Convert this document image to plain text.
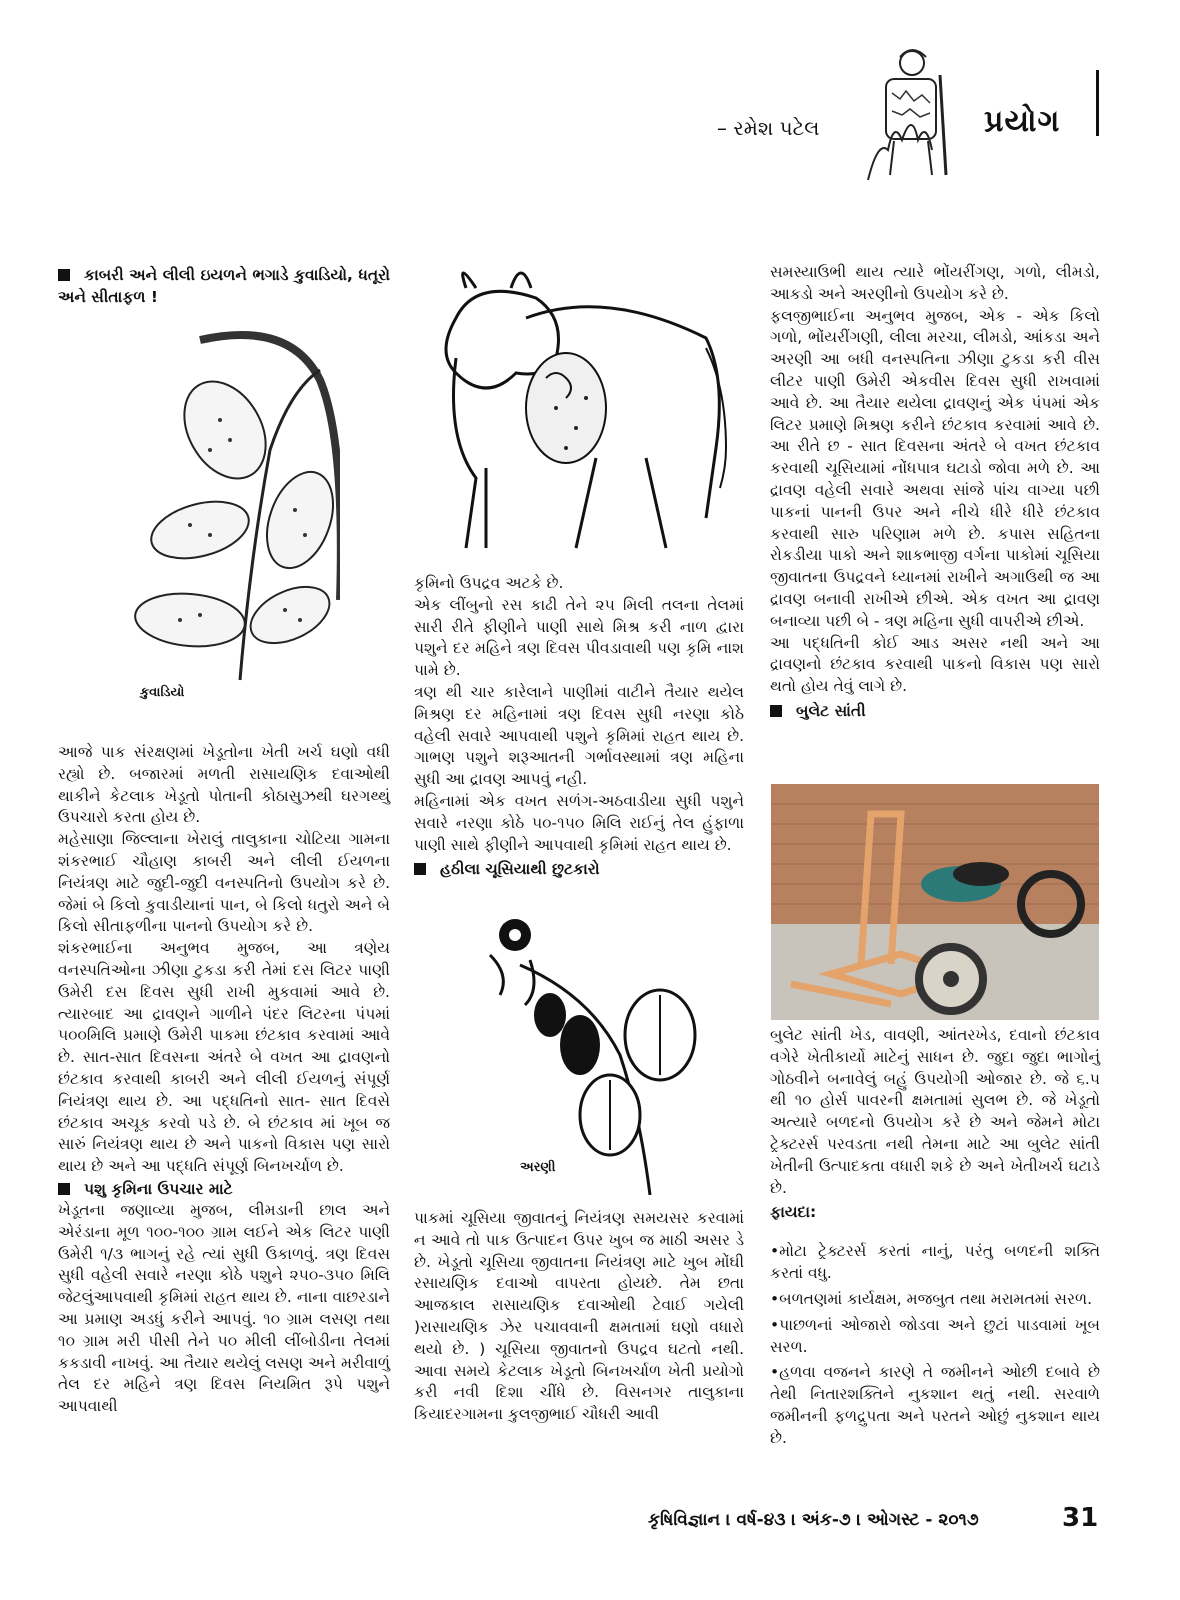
– રમેશ પટેલ	પ્રયોગ
કાબરી અને લીલી ઇયળને ભગાડે કુવાડિયો, ધતૂરો અને સીતાફળ !
કુવાડિયો

આજે પાક સંરક્ષણમાં ખેડૂતોના ખેતી ખર્ચ ઘણો વધી રહ્યો છે. બજારમાં મળતી રાસાયણિક દવાઓથી થાકીને કેટલાક ખેડૂતો પોતાની કોઠાસુઝથી ઘરગથ્થું ઉપચારો કરતા હોય છે.

મહેસાણા જિલ્લાના ખેરાલું તાલુકાના ચોટિયા ગામના શંકરભાઈ ચૌહાણ કાબરી અને લીલી ઈયળના નિયંત્રણ માટે જુદી-જુદી વનસ્પતિનો ઉપયોગ કરે છે. જેમાં બે કિલો કુવાડીયાનાં પાન, બે કિલો ધતુરો અને બે કિલો સીતાફળીના પાનનો ઉપયોગ કરે છે.

શંકરભાઈના અનુભવ મુજબ, આ ત્રણેય વનસ્પતિઓના ઝીણા ટુકડા કરી તેમાં દસ લિટર પાણી ઉમેરી દસ દિવસ સુધી રાખી મુકવામાં આવે છે. ત્યારબાદ આ દ્રાવણને ગાળીને પંદર લિટરના પંપમાં ૫૦૦મિલિ પ્રમાણે ઉમેરી પાકમા છંટકાવ કરવામાં આવે છે. સાત-સાત દિવસના અંતરે બે વખત આ દ્રાવણનો છંટકાવ કરવાથી કાબરી અને લીલી ઈયળનું સંપૂર્ણ નિયંત્રણ થાય છે. આ પદ્ધતિનો સાત- સાત દિવસે છંટકાવ અચૂક કરવો પડે છે. બે છંટકાવ માં ખૂબ જ સારું નિયંત્રણ થાય છે અને પાકનો વિકાસ પણ સારો થાય છે અને આ પદ્ધતિ સંપૂર્ણ બિનખર્ચાળ છે.

પશુ કૃમિના ઉપચાર માટે

ખેડૂતના જણાવ્યા મુજબ, લીમડાની છાલ અને એરંડાના મૂળ ૧૦૦-૧૦૦ ગ્રામ લઈને એક લિટર પાણી ઉમેરી ૧/૩ ભાગનું રહે ત્યાં સુધી ઉકાળવું. ત્રણ દિવસ સુધી વહેલી સવારે નરણા કોઠે પશુને ૨૫૦-૩૫૦ મિલિ જેટલુંઆપવાથી કૃમિમાં રાહત થાય છે. નાના વાછરડાને આ પ્રમાણ અડધું કરીને આપવું. ૧૦ ગ્રામ લસણ તથા ૧૦ ગ્રામ મરી પીસી તેને ૫૦ મીલી લીંબોડીના તેલમાં કકડાવી નાખવું. આ તૈયાર થયેલું લસણ અને મરીવાળું તેલ દર મહિને ત્રણ દિવસ નિયમિત રૂપે પશુને આપવાથી

કૃમિનો ઉપદ્રવ અટકે છે.

એક લીંબુનો રસ કાઢી તેને ૨૫ મિલી તલના તેલમાં સારી રીતે ફીણીને પાણી સાથે મિશ્ર કરી નાળ દ્વારા પશુને દર મહિને ત્રણ દિવસ પીવડાવાથી પણ કૃમિ નાશ પામે છે.

ત્રણ થી ચાર કારેલાને પાણીમાં વાટીને તૈયાર થયેલ મિશ્રણ દર મહિનામાં ત્રણ દિવસ સુધી નરણા કોઠે વહેલી સવારે આપવાથી પશુને કૃમિમાં રાહત થાય છે. ગાભણ પશુને શરૂઆતની ગર્ભાવસ્થામાં ત્રણ મહિના સુધી આ દ્રાવણ આપવું નહી.

મહિનામાં એક વખત સળંગ-અઠવાડીયા સુધી પશુને સવારે નરણા કોઠે ૫૦-૧૫૦ મિલિ રાઈનું તેલ હુંફાળા પાણી સાથે ફીણીને આપવાથી કૃમિમાં રાહત થાય છે.

હઠીલા ચૂસિયાથી છુટકારો
અરણી

પાકમાં ચૂસિયા જીવાતનું નિયંત્રણ સમયસર કરવામાં ન આવે તો પાક ઉત્પાદન ઉપર ખુબ જ માઠી અસર ડે છે. ખેડૂતો ચૂસિયા જીવાતના નિયંત્રણ માટે ખુબ મોંઘી રસાયણિક દવાઓ વાપરતા હોયછે. તેમ છતા આજકાલ રાસાયણિક દવાઓથી ટેવાઈ ગયેલી )રાસાયણિક ઝેર પચાવવાની ક્ષમતામાં ઘણો વધારો થયો છે. ) ચૂસિયા જીવાતનો ઉપદ્રવ ઘટતો નથી. આવા સમયે કેટલાક ખેડૂતો બિનખર્ચાળ ખેતી પ્રયોગો કરી નવી દિશા ચીંધે છે. વિસનગર તાલુકાના કિયાદરગામના કુલજીભાઈ ચૌધરી આવી

સમસ્યાઉભી થાય ત્યારે ભોંયરીંગણ, ગળો, લીમડો, આકડો અને અરણીનો ઉપયોગ કરે છે.

ફલજીભાઈના અનુભવ મુજબ, એક - એક કિલો ગળો, ભોંયરીંગણી, લીલા મરચા, લીમડો, આંકડા અને અરણી આ બધી વનસ્પતિના ઝીણા ટુકડા કરી વીસ લીટર પાણી ઉમેરી એકવીસ દિવસ સુધી રાખવામાં આવે છે. આ તૈયાર થયેલા દ્રાવણનું એક પંપમાં એક લિટર પ્રમાણે મિશ્રણ કરીને છંટકાવ કરવામાં આવે છે. આ રીતે છ - સાત દિવસના અંતરે બે વખત છંટકાવ કરવાથી ચૂસિયામાં નોંધપાત્ર ઘટાડો જોવા મળે છે. આ દ્રાવણ વહેલી સવારે અથવા સાંજે પાંચ વાગ્યા પછી પાકનાં પાનની ઉપર અને નીચે ધીરે ધીરે છંટકાવ કરવાથી સારુ પરિણામ મળે છે. કપાસ સહિતના રોકડીયા પાકો અને શાકભાજી વર્ગના પાકોમાં ચૂસિયા જીવાતના ઉપદ્રવને ધ્યાનમાં રાખીને અગાઉથી જ આ દ્રાવણ બનાવી રાખીએ છીએ. એક વખત આ દ્રાવણ બનાવ્યા પછી બે - ત્રણ મહિના સુધી વાપરીએ છીએ.

આ પદ્ધતિની કોઈ આડ અસર નથી અને આ દ્રાવણનો છંટકાવ કરવાથી પાકનો વિકાસ પણ સારો થતો હોય તેવું લાગે છે.

બુલેટ સાંતી

બુલેટ સાંતી ખેડ, વાવણી, આંતરખેડ, દવાનો છંટકાવ વગેરે ખેતીકાર્યો માટેનું સાધન છે. જુદા જુદા ભાગોનું ગોઠવીને બનાવેલું બહું ઉપયોગી ઓજાર છે. જે ૬.૫ થી ૧૦ હોર્સ પાવરની ક્ષમતામાં સુલભ છે. જે ખેડૂતો અત્યારે બળદનો ઉપયોગ કરે છે અને જેમને મોટા ટ્રેક્ટરર્સ પરવડતા નથી તેમના માટે આ બુલેટ સાંતી ખેતીની ઉત્પાદકતા વધારી શકે છે અને ખેતીખર્ચ ઘટાડે છે.

ફાયદા:
•મોટા ટ્રેક્ટરર્સ કરતાં નાનું, પરંતુ બળદની શક્તિ કરતાં વધુ.
•બળતણમાં કાર્યક્ષમ, મજબુત તથા મરામતમાં સરળ.
•પાછળનાં ઓજારો જોડવા અને છુટાં પાડવામાં ખૂબ સરળ.
•હળવા વજનને કારણે તે જમીનને ઓછી દબાવે છે તેથી નિતારશક્તિને નુકશાન થતું નથી. સરવાળે જમીનની ફળદ્રુપતા અને પરતને ઓછું નુકશાન થાય છે.
કૃષિવિજ્ઞાન । વર્ષ-૪૩ । અંક-૭ । ઓગસ્ટ - ૨૦૧૭	31
